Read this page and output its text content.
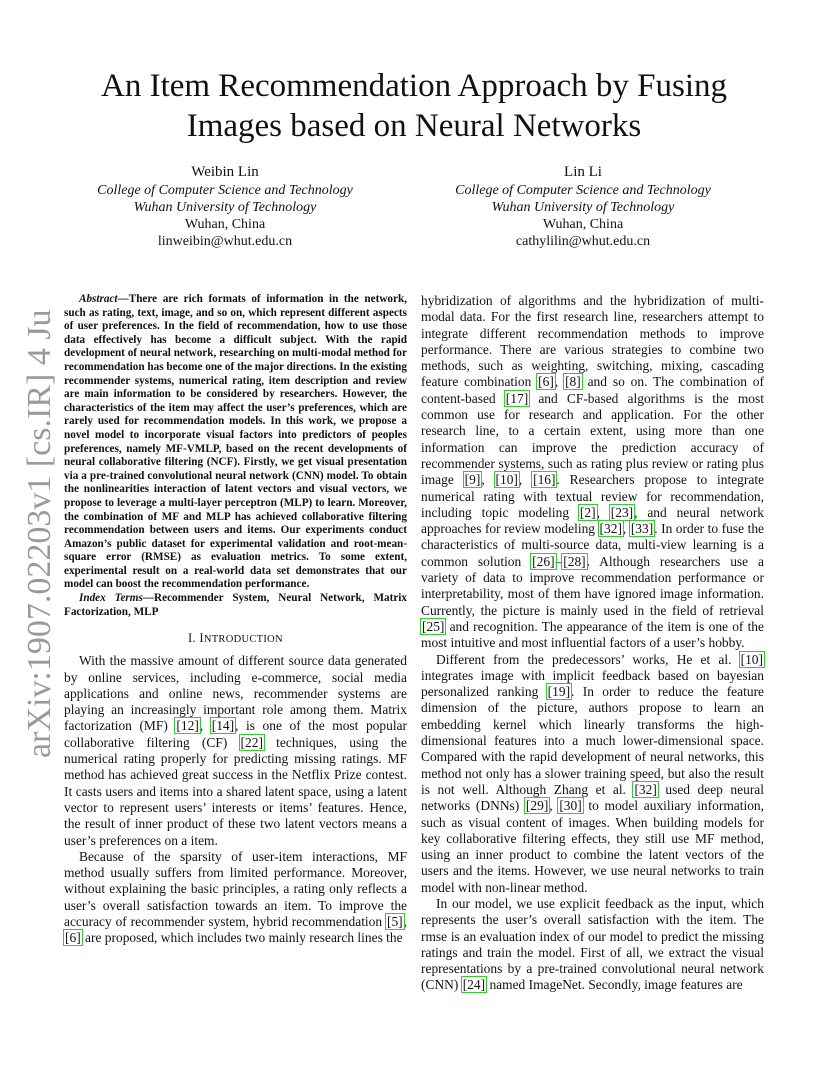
arXiv:1907.02203v1 [cs.IR] 4 Jul 2019
An Item Recommendation Approach by Fusing
Images based on Neural Networks
Weibin Lin
College of Computer Science and Technology
Wuhan University of Technology
Wuhan, China
linweibin@whut.edu.cn
Lin Li
College of Computer Science and Technology
Wuhan University of Technology
Wuhan, China
cathylilin@whut.edu.cn

Abstract—There are rich formats of information in the network, such as rating, text, image, and so on, which represent different aspects of user preferences. In the field of recommendation, how to use those data effectively has become a difficult subject. With the rapid development of neural network, researching on multi-modal method for recommendation has become one of the major directions. In the existing recommender systems, numerical rating, item description and review are main information to be considered by researchers. However, the characteristics of the item may affect the user’s preferences, which are rarely used for recommendation models. In this work, we propose a novel model to incorporate visual factors into predictors of peoples preferences, namely MF-VMLP, based on the recent developments of neural collaborative filtering (NCF). Firstly, we get visual presentation via a pre-trained convolutional neural network (CNN) model. To obtain the nonlinearities interaction of latent vectors and visual vectors, we propose to leverage a multi-layer perceptron (MLP) to learn. Moreover, the combination of MF and MLP has achieved collaborative filtering recommendation between users and items. Our experiments conduct Amazon’s public dataset for experimental validation and root-mean-square error (RMSE) as evaluation metrics. To some extent, experimental result on a real-world data set demonstrates that our model can boost the recommendation performance.

Index Terms—Recommender System, Neural Network, Matrix Factorization, MLP

I. INTRODUCTION

With the massive amount of different source data generated by online services, including e-commerce, social media applications and online news, recommender systems are playing an increasingly important role among them. Matrix factorization (MF) [12], [14], is one of the most popular collaborative filtering (CF) [22] techniques, using the numerical rating properly for predicting missing ratings. MF method has achieved great success in the Netflix Prize contest. It casts users and items into a shared latent space, using a latent vector to represent users’ interests or items’ features. Hence, the result of inner product of these two latent vectors means a user’s preferences on a item.

Because of the sparsity of user-item interactions, MF method usually suffers from limited performance. Moreover, without explaining the basic principles, a rating only reflects a user’s overall satisfaction towards an item. To improve the accuracy of recommender system, hybrid recommendation [5], [6] are proposed, which includes two mainly research lines the

hybridization of algorithms and the hybridization of multi-modal data. For the first research line, researchers attempt to integrate different recommendation methods to improve performance. There are various strategies to combine two methods, such as weighting, switching, mixing, cascading feature combination [6], [8] and so on. The combination of content-based [17] and CF-based algorithms is the most common use for research and application. For the other research line, to a certain extent, using more than one information can improve the prediction accuracy of recommender systems, such as rating plus review or rating plus image [9], [10], [16]. Researchers propose to integrate numerical rating with textual review for recommendation, including topic modeling [2], [23], and neural network approaches for review modeling [32], [33]. In order to fuse the characteristics of multi-source data, multi-view learning is a common solution [26]–[28]. Although researchers use a variety of data to improve recommendation performance or interpretability, most of them have ignored image information. Currently, the picture is mainly used in the field of retrieval [25] and recognition. The appearance of the item is one of the most intuitive and most influential factors of a user’s hobby.

Different from the predecessors’ works, He et al. [10] integrates image with implicit feedback based on bayesian personalized ranking [19]. In order to reduce the feature dimension of the picture, authors propose to learn an embedding kernel which linearly transforms the high-dimensional features into a much lower-dimensional space. Compared with the rapid development of neural networks, this method not only has a slower training speed, but also the result is not well. Although Zhang et al. [32] used deep neural networks (DNNs) [29], [30] to model auxiliary information, such as visual content of images. When building models for key collaborative filtering effects, they still use MF method, using an inner product to combine the latent vectors of the users and the items. However, we use neural networks to train model with non-linear method.

In our model, we use explicit feedback as the input, which represents the user’s overall satisfaction with the item. The rmse is an evaluation index of our model to predict the missing ratings and train the model. First of all, we extract the visual representations by a pre-trained convolutional neural network (CNN) [24] named ImageNet. Secondly, image features are
